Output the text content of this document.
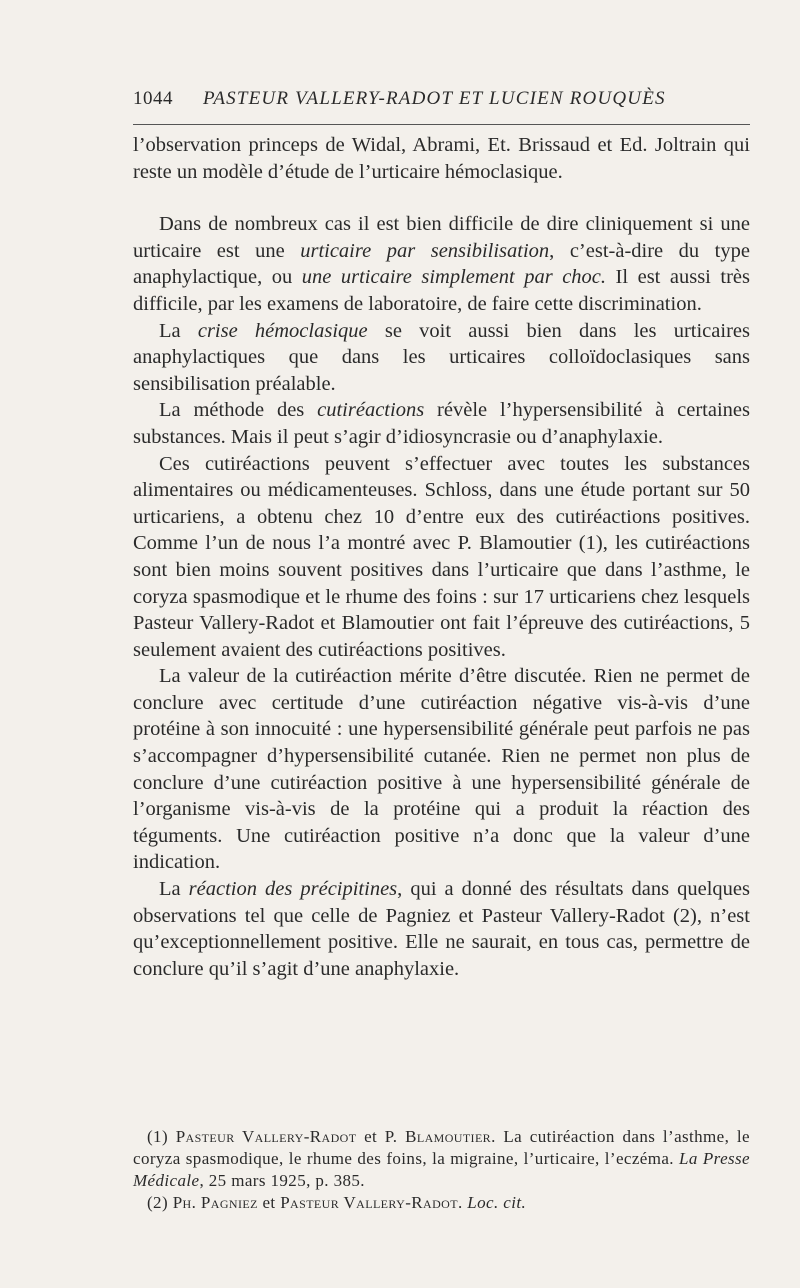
1044 PASTEUR VALLERY-RADOT ET LUCIEN ROUQUÈS

l’observation princeps de Widal, Abrami, Et. Brissaud et Ed. Joltrain qui reste un modèle d’étude de l’urticaire hémoclasique.

Dans de nombreux cas il est bien difficile de dire cliniquement si une urticaire est une urticaire par sensibilisation, c’est-à-dire du type anaphylactique, ou une urticaire simplement par choc. Il est aussi très difficile, par les examens de laboratoire, de faire cette discrimination.

La crise hémoclasique se voit aussi bien dans les urticaires anaphylactiques que dans les urticaires colloïdoclasiques sans sensibilisation préalable.

La méthode des cutiréactions révèle l’hypersensibilité à certaines substances. Mais il peut s’agir d’idiosyncrasie ou d’anaphylaxie.

Ces cutiréactions peuvent s’effectuer avec toutes les substances alimentaires ou médicamenteuses. Schloss, dans une étude portant sur 50 urticariens, a obtenu chez 10 d’entre eux des cutiréactions positives. Comme l’un de nous l’a montré avec P. Blamoutier (1), les cutiréactions sont bien moins souvent positives dans l’urticaire que dans l’asthme, le coryza spasmodique et le rhume des foins : sur 17 urticariens chez lesquels Pasteur Vallery-Radot et Blamoutier ont fait l’épreuve des cutiréactions, 5 seulement avaient des cutiréactions positives.

La valeur de la cutiréaction mérite d’être discutée. Rien ne permet de conclure avec certitude d’une cutiréaction négative vis-à-vis d’une protéine à son innocuité : une hypersensibilité générale peut parfois ne pas s’accompagner d’hypersensibilité cutanée. Rien ne permet non plus de conclure d’une cutiréaction positive à une hypersensibilité générale de l’organisme vis-à-vis de la protéine qui a produit la réaction des téguments. Une cutiréaction positive n’a donc que la valeur d’une indication.

La réaction des précipitines, qui a donné des résultats dans quelques observations tel que celle de Pagniez et Pasteur Vallery-Radot (2), n’est qu’exceptionnellement positive. Elle ne saurait, en tous cas, permettre de conclure qu’il s’agit d’une anaphylaxie.

(1) Pasteur Vallery-Radot et P. Blamoutier. La cutiréaction dans l’asthme, le coryza spasmodique, le rhume des foins, la migraine, l’urticaire, l’eczéma. La Presse Médicale, 25 mars 1925, p. 385.

(2) Ph. Pagniez et Pasteur Vallery-Radot. Loc. cit.
